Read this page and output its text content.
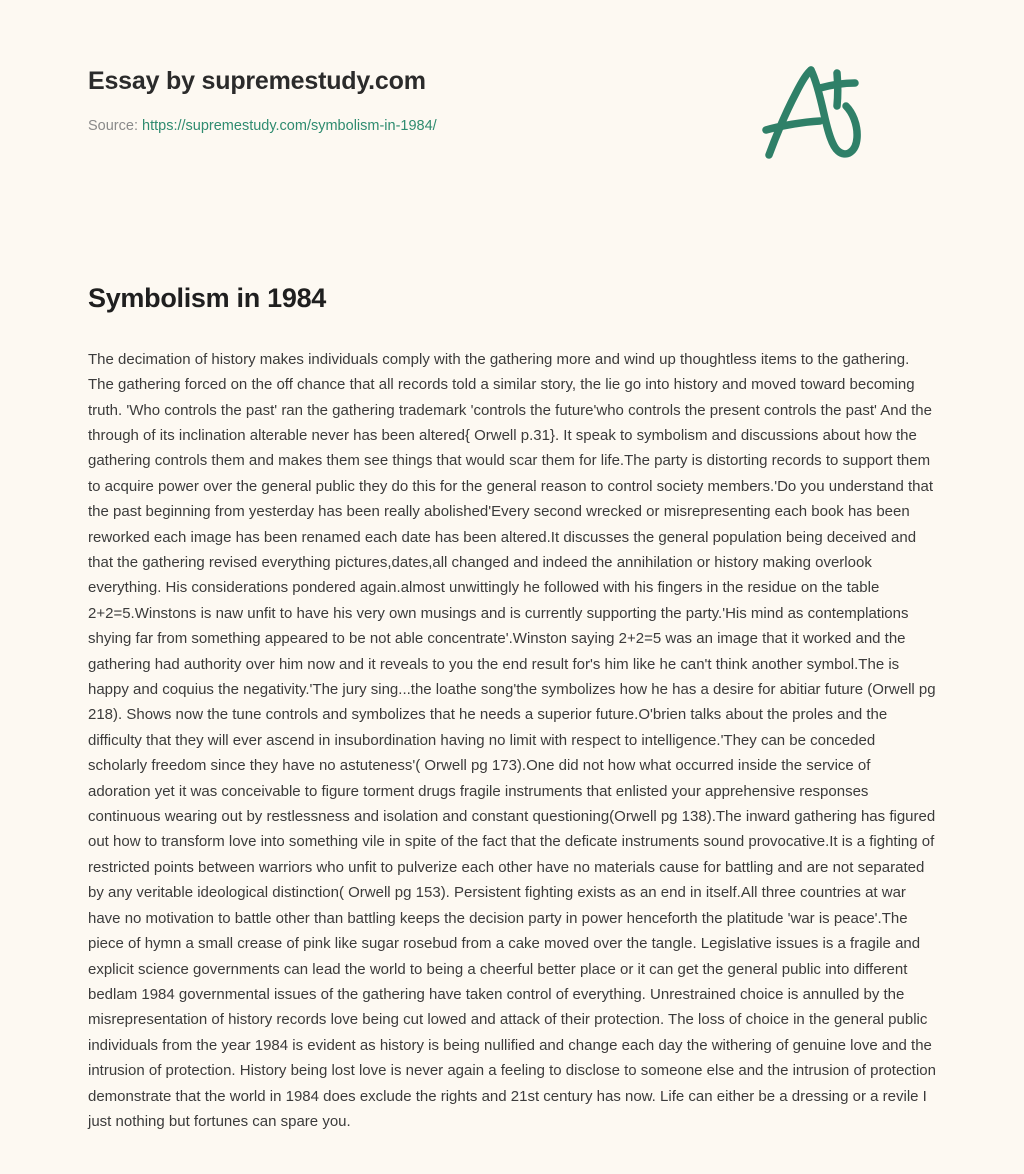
Essay by supremestudy.com
Source: https://supremestudy.com/symbolism-in-1984/
Symbolism in 1984

The decimation of history makes individuals comply with the gathering more and wind up thoughtless items to the gathering. The gathering forced on the off chance that all records told a similar story, the lie go into history and moved toward becoming truth. 'Who controls the past' ran the gathering trademark 'controls the future'who controls the present controls the past' And the through of its inclination alterable never has been altered{ Orwell p.31}. It speak to symbolism and discussions about how the gathering controls them and makes them see things that would scar them for life.The party is distorting records to support them to acquire power over the general public they do this for the general reason to control society members.'Do you understand that the past beginning from yesterday has been really abolished'Every second wrecked or misrepresenting each book has been reworked each image has been renamed each date has been altered.It discusses the general population being deceived and that the gathering revised everything pictures,dates,all changed and indeed the annihilation or history making overlook everything. His considerations pondered again.almost unwittingly he followed with his fingers in the residue on the table 2+2=5.Winstons is naw unfit to have his very own musings and is currently supporting the party.'His mind as contemplations shying far from something appeared to be not able concentrate'.Winston saying 2+2=5 was an image that it worked and the gathering had authority over him now and it reveals to you the end result for's him like he can't think another symbol.The is happy and coquius the negativity.'The jury sing...the loathe song'the symbolizes how he has a desire for abitiar future (Orwell pg 218). Shows now the tune controls and symbolizes that he needs a superior future.O'brien talks about the proles and the difficulty that they will ever ascend in insubordination having no limit with respect to intelligence.'They can be conceded scholarly freedom since they have no astuteness'( Orwell pg 173).One did not how what occurred inside the service of adoration yet it was conceivable to figure torment drugs fragile instruments that enlisted your apprehensive responses continuous wearing out by restlessness and isolation and constant questioning(Orwell pg 138).The inward gathering has figured out how to transform love into something vile in spite of the fact that the deficate instruments sound provocative.It is a fighting of restricted points between warriors who unfit to pulverize each other have no materials cause for battling and are not separated by any veritable ideological distinction( Orwell pg 153). Persistent fighting exists as an end in itself.All three countries at war have no motivation to battle other than battling keeps the decision party in power henceforth the platitude 'war is peace'.The piece of hymn a small crease of pink like sugar rosebud from a cake moved over the tangle. Legislative issues is a fragile and explicit science governments can lead the world to being a cheerful better place or it can get the general public into different bedlam 1984 governmental issues of the gathering have taken control of everything. Unrestrained choice is annulled by the misrepresentation of history records love being cut lowed and attack of their protection. The loss of choice in the general public individuals from the year 1984 is evident as history is being nullified and change each day the withering of genuine love and the intrusion of protection. History being lost love is never again a feeling to disclose to someone else and the intrusion of protection demonstrate that the world in 1984 does exclude the rights and 21st century has now. Life can either be a dressing or a revile I just nothing but fortunes can spare you.
